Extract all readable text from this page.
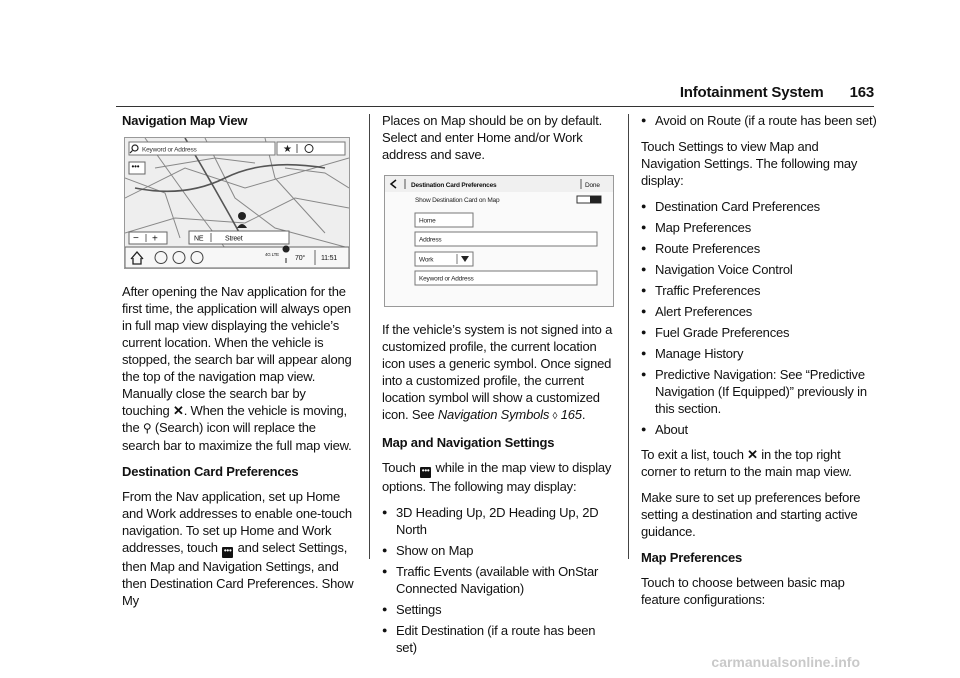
Infotainment System 163

Navigation Map View

Keyword or Address	★
•••
− +	NE	Street
4G LTE
70° 11:51

After opening the Nav application for the first time, the application will always open in full map view displaying the vehicle’s current location. When the vehicle is stopped, the search bar will appear along the top of the navigation map view. Manually close the search bar by touching ✕. When the vehicle is moving, the ⚲ (Search) icon will replace the search bar to maximize the full map view.

Destination Card Preferences

From the Nav application, set up Home and Work addresses to enable one-touch navigation. To set up Home and Work addresses, touch ••• and select Settings, then Map and Navigation Settings, and then Destination Card Preferences. Show My

Places on Map should be on by default. Select and enter Home and/or Work address and save.

Destination Card Preferences	Done
Show Destination Card on Map
Home
Address
Work
Keyword or Address

If the vehicle’s system is not signed into a customized profile, the current location icon uses a generic symbol. Once signed into a customized profile, the current location symbol will show a customized icon. See Navigation Symbols ◊ 165.

Map and Navigation Settings

Touch ••• while in the map view to display options. The following may display:

● 3D Heading Up, 2D Heading Up, 2D North

● Show on Map

● Traffic Events (available with OnStar Connected Navigation)

● Settings

● Edit Destination (if a route has been set)

● Avoid on Route (if a route has been set)

Touch Settings to view Map and Navigation Settings. The following may display:

● Destination Card Preferences

● Map Preferences

● Route Preferences

● Navigation Voice Control

● Traffic Preferences

● Alert Preferences

● Fuel Grade Preferences

● Manage History

● Predictive Navigation: See “Predictive Navigation (If Equipped)” previously in this section.

● About

To exit a list, touch ✕ in the top right corner to return to the main map view.

Make sure to set up preferences before setting a destination and starting active guidance.

Map Preferences

Touch to choose between basic map feature configurations:

carmanualsonline.info
